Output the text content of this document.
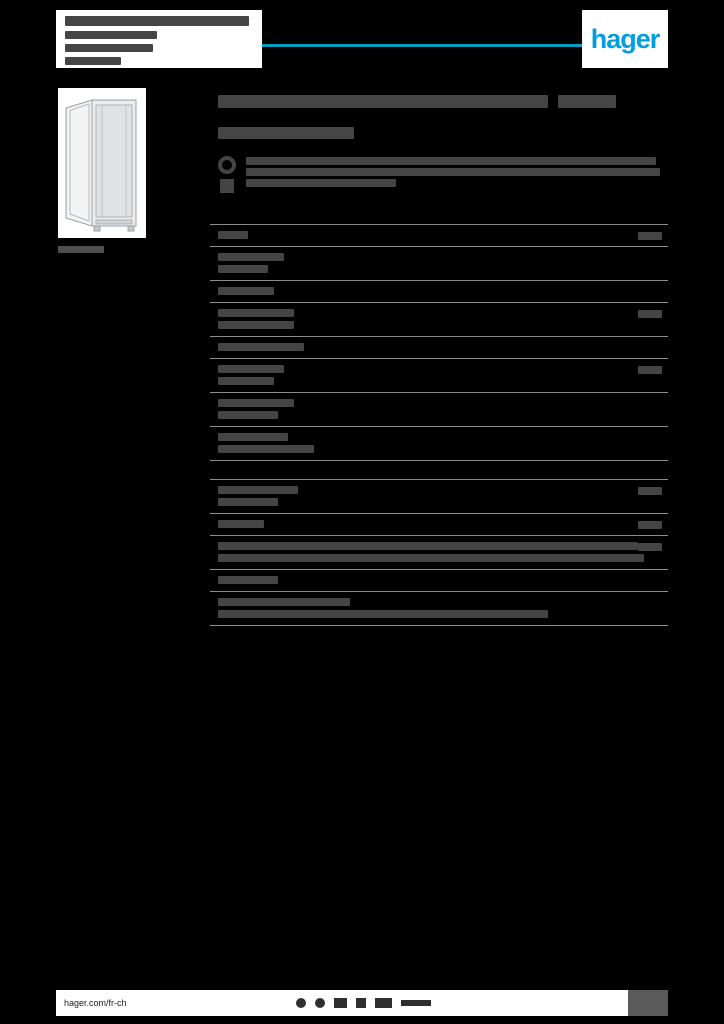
hager
hager.com/fr-ch
